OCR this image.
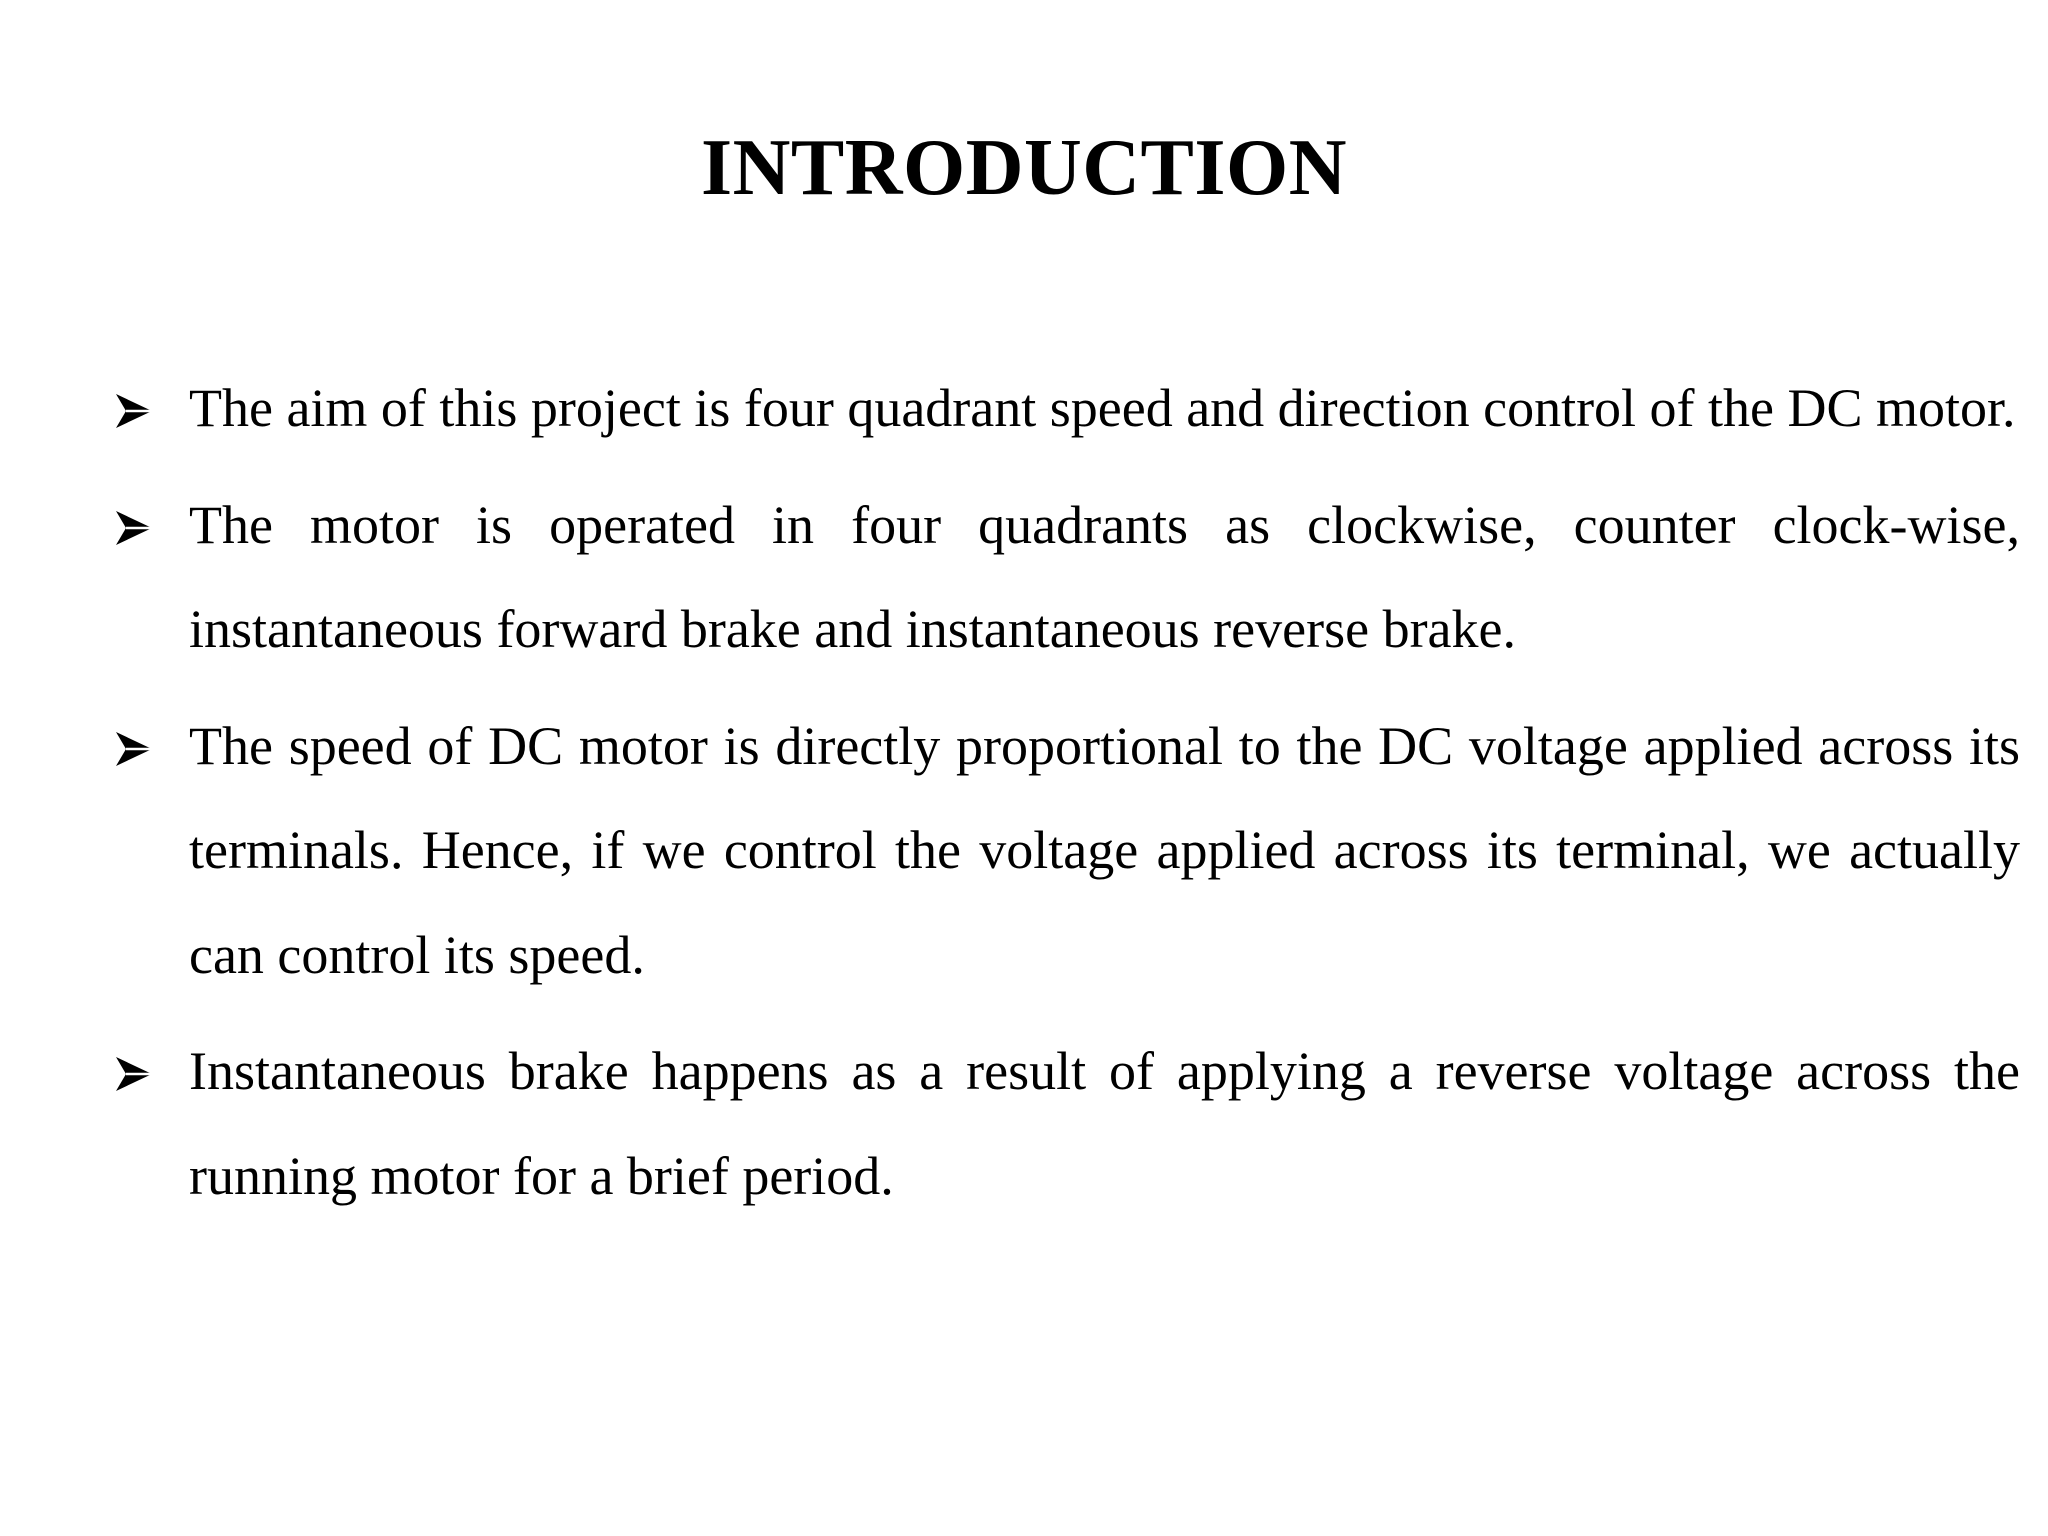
INTRODUCTION
The aim of this project is four quadrant speed and direction control of the DC motor.
The motor is operated in four quadrants as clockwise, counter clock-wise, instantaneous forward brake and instantaneous reverse brake.
The speed of DC motor is directly proportional to the DC voltage applied across its terminals. Hence, if we control the voltage applied across its terminal, we actually can control its speed.
Instantaneous brake happens as a result of applying a reverse voltage across the running motor for a brief period.
